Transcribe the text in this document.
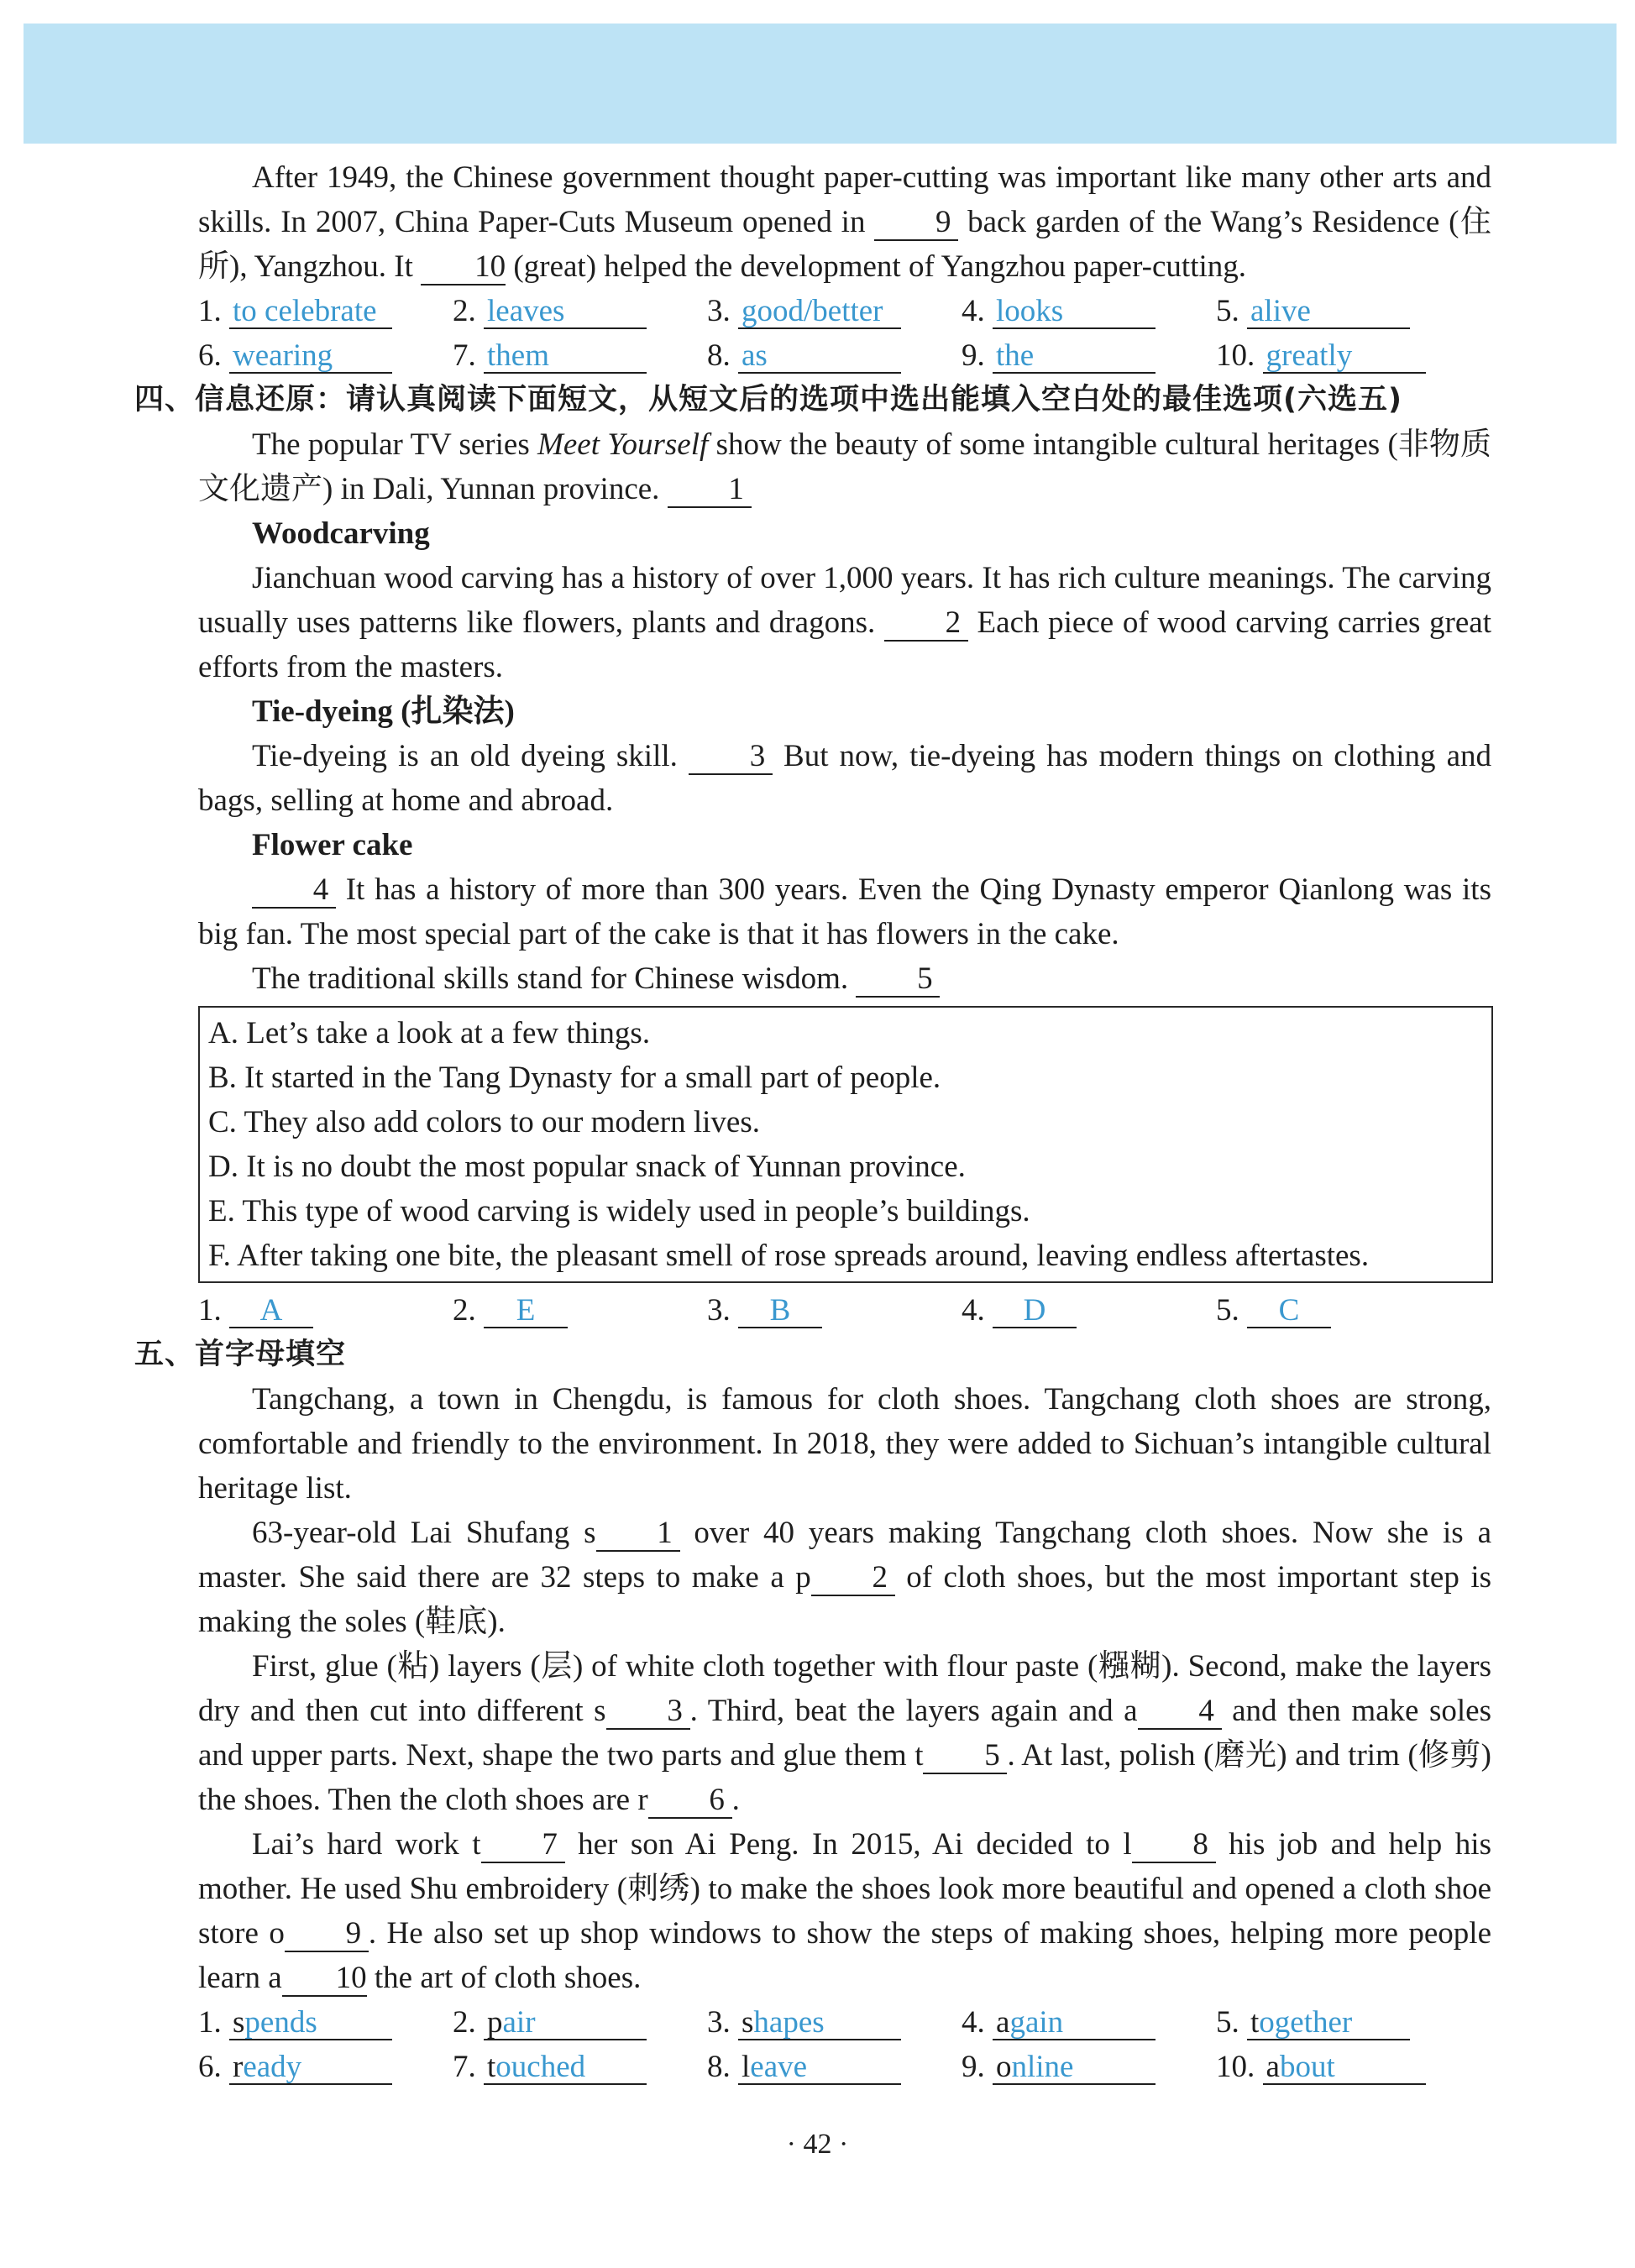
After 1949, the Chinese government thought paper-cutting was important like many other arts and skills. In 2007, China Paper-Cuts Museum opened in 9 back garden of the Wang’s Residence (住所), Yangzhou. It 10 (great) helped the development of Yangzhou paper-cutting.

1. to celebrate	2. leaves	3. good/better	4. looks	5. alive
6. wearing	7. them	8. as	9. the	10. greatly

四、信息还原：请认真阅读下面短文，从短文后的选项中选出能填入空白处的最佳选项(六选五)

The popular TV series Meet Yourself show the beauty of some intangible cultural heritages (非物质文化遗产) in Dali, Yunnan province. 1

Woodcarving

Jianchuan wood carving has a history of over 1,000 years. It has rich culture meanings. The carving usually uses patterns like flowers, plants and dragons. 2 Each piece of wood carving carries great efforts from the masters.

Tie-dyeing (扎染法)

Tie-dyeing is an old dyeing skill. 3 But now, tie-dyeing has modern things on clothing and bags, selling at home and abroad.

Flower cake

4 It has a history of more than 300 years. Even the Qing Dynasty emperor Qianlong was its big fan. The most special part of the cake is that it has flowers in the cake.

The traditional skills stand for Chinese wisdom. 5

A. Let’s take a look at a few things.
B. It started in the Tang Dynasty for a small part of people.
C. They also add colors to our modern lives.
D. It is no doubt the most popular snack of Yunnan province.
E. This type of wood carving is widely used in people’s buildings.
F. After taking one bite, the pleasant smell of rose spreads around, leaving endless aftertastes.
1. A	2. E	3. B	4. D	5. C

五、首字母填空

Tangchang, a town in Chengdu, is famous for cloth shoes. Tangchang cloth shoes are strong, comfortable and friendly to the environment. In 2018, they were added to Sichuan’s intangible cultural heritage list.

63-year-old Lai Shufang s 1 over 40 years making Tangchang cloth shoes. Now she is a master. She said there are 32 steps to make a p 2 of cloth shoes, but the most important step is making the soles (鞋底).

First, glue (粘) layers (层) of white cloth together with flour paste (糨糊). Second, make the layers dry and then cut into different s 3 . Third, beat the layers again and a 4 and then make soles and upper parts. Next, shape the two parts and glue them t 5 . At last, polish (磨光) and trim (修剪) the shoes. Then the cloth shoes are r 6 .

Lai’s hard work t 7 her son Ai Peng. In 2015, Ai decided to l 8 his job and help his mother. He used Shu embroidery (刺绣) to make the shoes look more beautiful and opened a cloth shoe store o 9 . He also set up shop windows to show the steps of making shoes, helping more people learn a 10 the art of cloth shoes.

1. spends	2. pair	3. shapes	4. again	5. together
6. ready	7. touched	8. leave	9. online	10. about
· 42 ·
